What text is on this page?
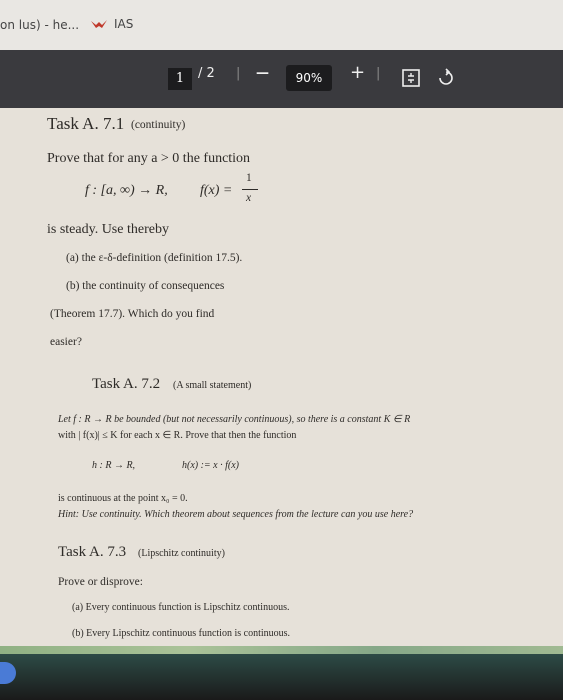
on lus) - he...	IAS
1	/ 2 | —	90%	+ |
Task A. 7.1 (continuity)
Prove that for any a > 0 the function
f : [a, ∞) → R, f(x) =
1
x
is steady. Use thereby
(a) the ε-δ-definition (definition 17.5).
(b) the continuity of consequences
(Theorem 17.7). Which do you find
easier?
Task A. 7.2 (A small statement)
Let f : R → R be bounded (but not necessarily continuous), so there is a constant K ∈ R
with | f(x)| ≤ K for each x ∈ R. Prove that then the function
h : R → R,	h(x) := x · f(x)
is continuous at the point x₀ = 0.
Hint: Use continuity. Which theorem about sequences from the lecture can you use here?
Task A. 7.3 (Lipschitz continuity)
Prove or disprove:
(a) Every continuous function is Lipschitz continuous.
(b) Every Lipschitz continuous function is continuous.
